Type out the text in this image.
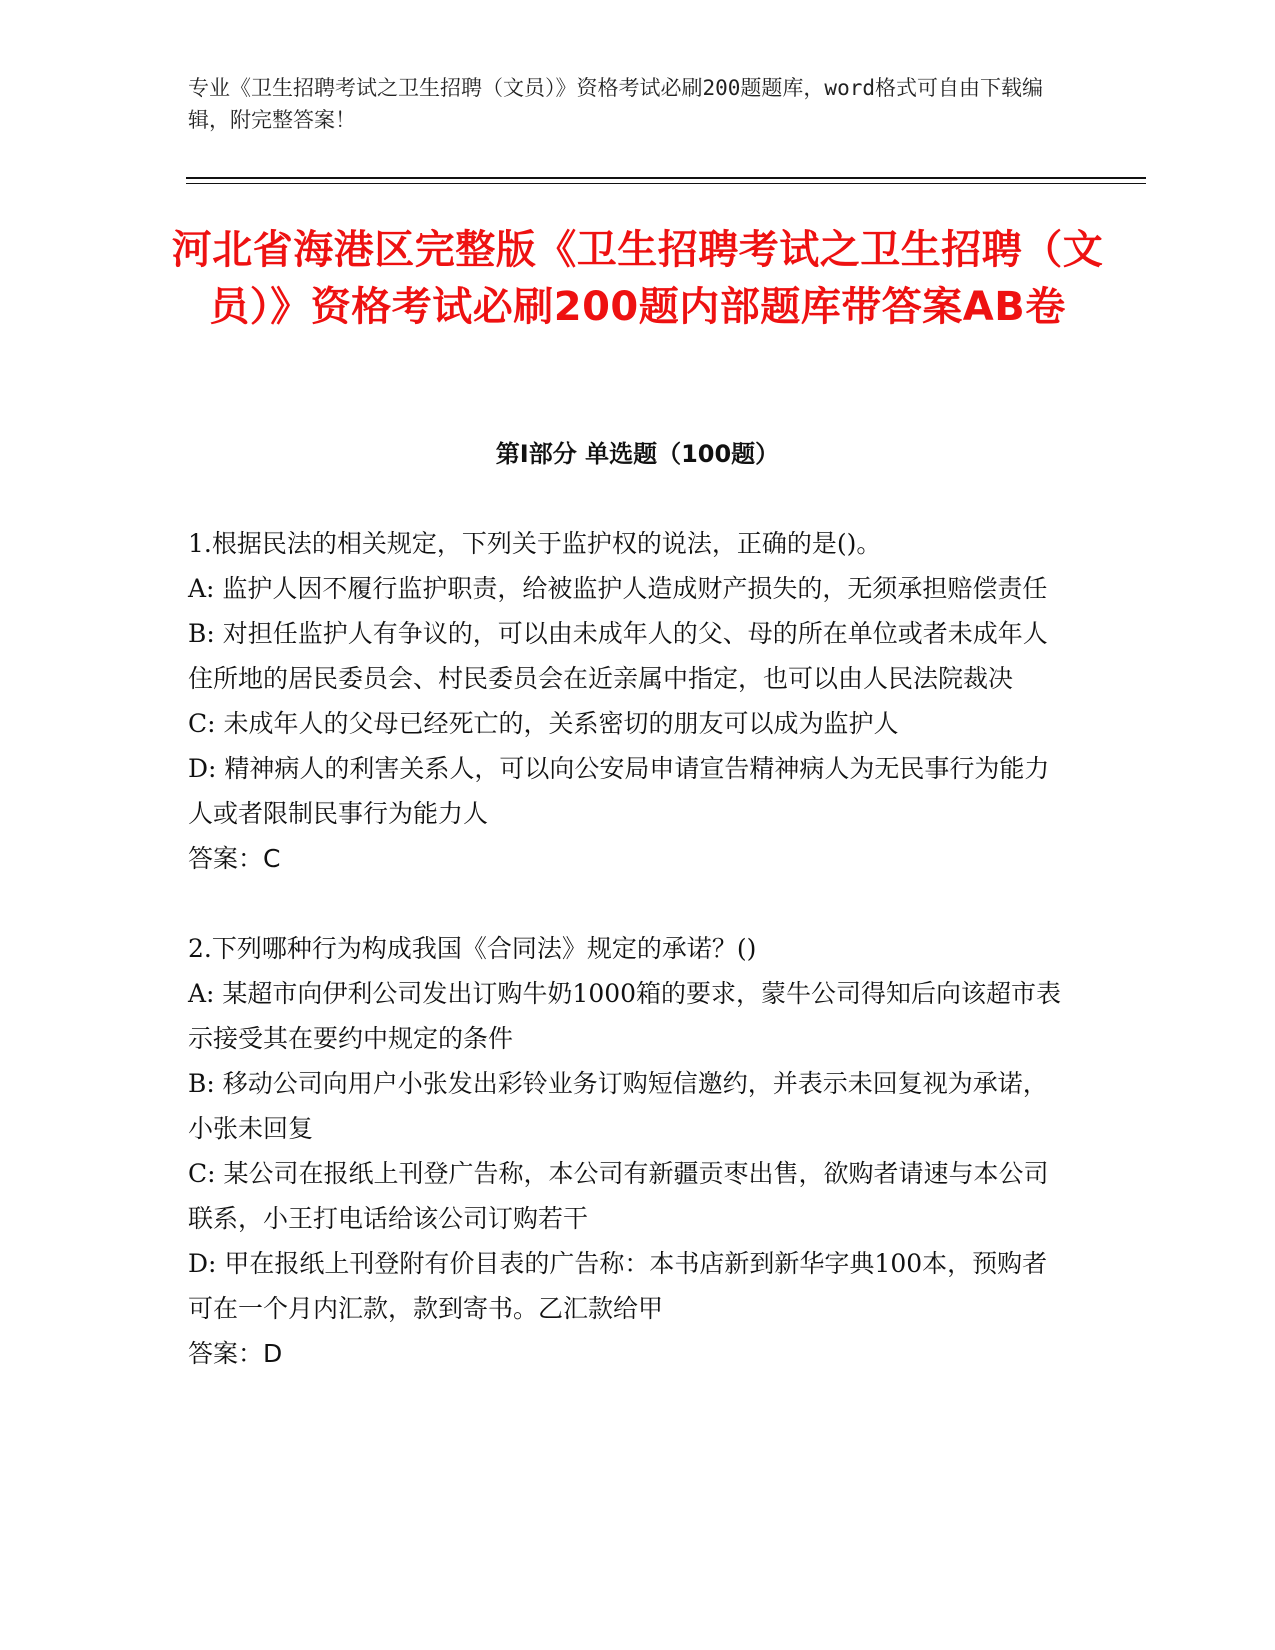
专业《卫生招聘考试之卫生招聘（文员）》资格考试必刷200题题库，word格式可自由下载编辑，附完整答案！
河北省海港区完整版《卫生招聘考试之卫生招聘（文员）》资格考试必刷200题内部题库带答案AB卷
第I部分 单选题（100题）

1.根据民法的相关规定，下列关于监护权的说法，正确的是()。

A: 监护人因不履行监护职责，给被监护人造成财产损失的，无须承担赔偿责任

B: 对担任监护人有争议的，可以由未成年人的父、母的所在单位或者未成年人住所地的居民委员会、村民委员会在近亲属中指定，也可以由人民法院裁决

C: 未成年人的父母已经死亡的，关系密切的朋友可以成为监护人

D: 精神病人的利害关系人，可以向公安局申请宣告精神病人为无民事行为能力人或者限制民事行为能力人

答案：C

2.下列哪种行为构成我国《合同法》规定的承诺？()

A: 某超市向伊利公司发出订购牛奶1000箱的要求，蒙牛公司得知后向该超市表示接受其在要约中规定的条件

B: 移动公司向用户小张发出彩铃业务订购短信邀约，并表示未回复视为承诺，小张未回复

C: 某公司在报纸上刊登广告称，本公司有新疆贡枣出售，欲购者请速与本公司联系，小王打电话给该公司订购若干

D: 甲在报纸上刊登附有价目表的广告称：本书店新到新华字典100本，预购者可在一个月内汇款，款到寄书。乙汇款给甲

答案：D
